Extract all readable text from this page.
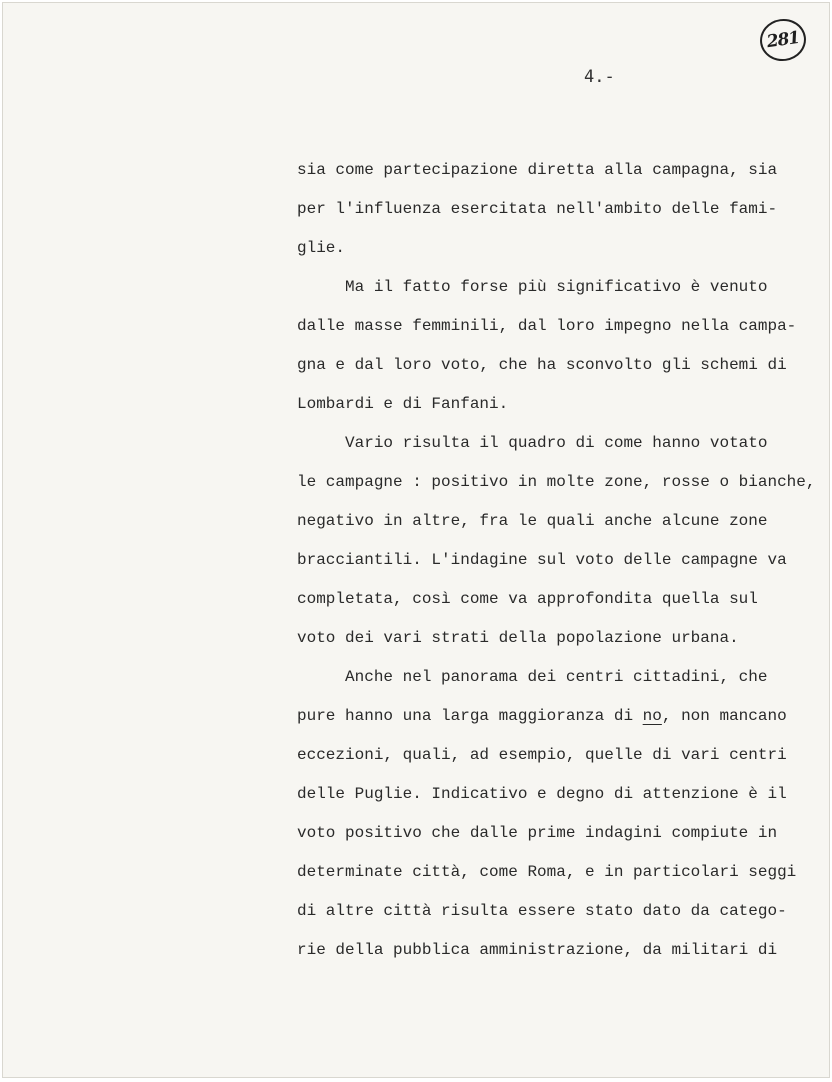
281

4.-

sia come partecipazione diretta alla campagna, sia
per l'influenza esercitata nell'ambito delle fami-
glie.
Ma il fatto forse più significativo è venuto
dalle masse femminili, dal loro impegno nella campa-
gna e dal loro voto, che ha sconvolto gli schemi di
Lombardi e di Fanfani.
Vario risulta il quadro di come hanno votato
le campagne : positivo in molte zone, rosse o bianche,
negativo in altre, fra le quali anche alcune zone
bracciantili. L'indagine sul voto delle campagne va
completata, così come va approfondita quella sul
voto dei vari strati della popolazione urbana.
Anche nel panorama dei centri cittadini, che
pure hanno una larga maggioranza di no, non mancano
eccezioni, quali, ad esempio, quelle di vari centri
delle Puglie. Indicativo e degno di attenzione è il
voto positivo che dalle prime indagini compiute in
determinate città, come Roma, e in particolari seggi
di altre città risulta essere stato dato da catego-
rie della pubblica amministrazione, da militari di
